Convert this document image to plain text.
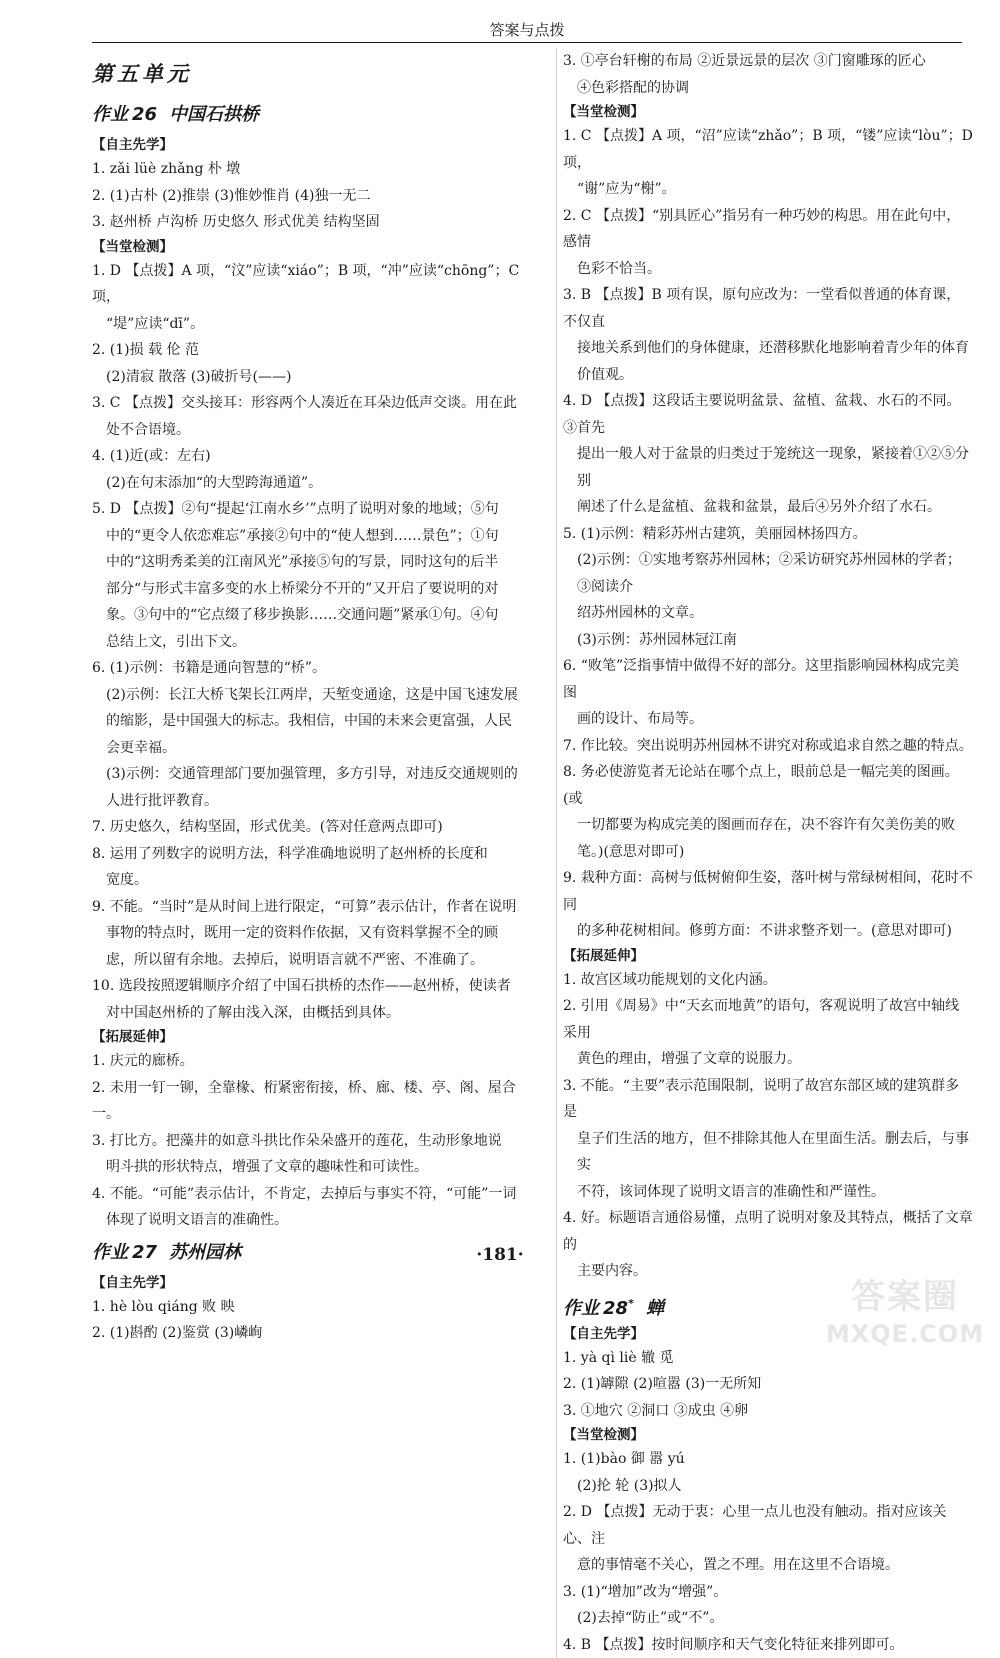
答案与点拨
第五单元
作业 26 中国石拱桥
【自主先学】

1. zǎi lüè zhǎng 朴 墩

2. (1)古朴 (2)推崇 (3)惟妙惟肖 (4)独一无二

3. 赵州桥 卢沟桥 历史悠久 形式优美 结构坚固

【当堂检测】

1. D 【点拨】A 项，“汶”应读“xiáo”；B 项，“冲”应读“chōng”；C 项，

“堤”应读“dī”。

2. (1)损 载 伦 范

(2)清寂 散落 (3)破折号(——)

3. C 【点拨】交头接耳：形容两个人凑近在耳朵边低声交谈。用在此

处不合语境。

4. (1)近(或：左右)

(2)在句末添加“的大型跨海通道”。

5. D 【点拨】②句“提起‘江南水乡’”点明了说明对象的地域；⑤句

中的“更令人依恋难忘”承接②句中的“使人想到……景色”；①句

中的“这明秀柔美的江南风光”承接⑤句的写景，同时这句的后半

部分“与形式丰富多变的水上桥梁分不开的”又开启了要说明的对

象。③句中的“它点缀了移步换影……交通问题”紧承①句。④句

总结上文，引出下文。

6. (1)示例：书籍是通向智慧的“桥”。

(2)示例：长江大桥飞架长江两岸，天堑变通途，这是中国飞速发展

的缩影，是中国强大的标志。我相信，中国的未来会更富强，人民

会更幸福。

(3)示例：交通管理部门要加强管理，多方引导，对违反交通规则的

人进行批评教育。

7. 历史悠久，结构坚固，形式优美。(答对任意两点即可)

8. 运用了列数字的说明方法，科学准确地说明了赵州桥的长度和

宽度。

9. 不能。“当时”是从时间上进行限定，“可算”表示估计，作者在说明

事物的特点时，既用一定的资料作依据，又有资料掌握不全的顾

虑，所以留有余地。去掉后，说明语言就不严密、不准确了。

10. 选段按照逻辑顺序介绍了中国石拱桥的杰作——赵州桥，使读者

对中国赵州桥的了解由浅入深，由概括到具体。

【拓展延伸】

1. 庆元的廊桥。

2. 未用一钉一铆，全靠椽、桁紧密衔接，桥、廊、楼、亭、阁、屋合一。

3. 打比方。把藻井的如意斗拱比作朵朵盛开的莲花，生动形象地说

明斗拱的形状特点，增强了文章的趣味性和可读性。

4. 不能。“可能”表示估计，不肯定，去掉后与事实不符，“可能”一词

体现了说明文语言的准确性。

作业 27 苏州园林
【自主先学】

1. hè lòu qiáng 败 映

2. (1)斟酌 (2)鉴赏 (3)嶙峋

3. ①亭台轩榭的布局 ②近景远景的层次 ③门窗雕琢的匠心

④色彩搭配的协调

【当堂检测】

1. C 【点拨】A 项，“沼”应读“zhǎo”；B 项，“镂”应读“lòu”；D 项，

“谢”应为“榭”。

2. C 【点拨】“别具匠心”指另有一种巧妙的构思。用在此句中，感情

色彩不恰当。

3. B 【点拨】B 项有误，原句应改为：一堂看似普通的体育课，不仅直

接地关系到他们的身体健康，还潜移默化地影响着青少年的体育

价值观。

4. D 【点拨】这段话主要说明盆景、盆植、盆栽、水石的不同。③首先

提出一般人对于盆景的归类过于笼统这一现象，紧接着①②⑤分别

阐述了什么是盆植、盆栽和盆景，最后④另外介绍了水石。

5. (1)示例：精彩苏州古建筑，美丽园林扬四方。

(2)示例：①实地考察苏州园林；②采访研究苏州园林的学者；③阅读介

绍苏州园林的文章。

(3)示例：苏州园林冠江南

6. “败笔”泛指事情中做得不好的部分。这里指影响园林构成完美图

画的设计、布局等。

7. 作比较。突出说明苏州园林不讲究对称或追求自然之趣的特点。

8. 务必使游览者无论站在哪个点上，眼前总是一幅完美的图画。(或

一切都要为构成完美的图画而存在，决不容许有欠美伤美的败

笔。)(意思对即可)

9. 栽种方面：高树与低树俯仰生姿，落叶树与常绿树相间，花时不同

的多种花树相间。修剪方面：不讲求整齐划一。(意思对即可)

【拓展延伸】

1. 故宫区域功能规划的文化内涵。

2. 引用《周易》中“天玄而地黄”的语句，客观说明了故宫中轴线采用

黄色的理由，增强了文章的说服力。

3. 不能。“主要”表示范围限制，说明了故宫东部区域的建筑群多是

皇子们生活的地方，但不排除其他人在里面生活。删去后，与事实

不符，该词体现了说明文语言的准确性和严谨性。

4. 好。标题语言通俗易懂，点明了说明对象及其特点，概括了文章的

主要内容。

作业 28* 蝉
【自主先学】

1. yà qì liè 辙 觅

2. (1)罅隙 (2)喧嚣 (3)一无所知

3. ①地穴 ②洞口 ③成虫 ④卵

【当堂检测】

1. (1)bào 御 嚣 yú

(2)抡 轮 (3)拟人

2. D 【点拨】无动于衷：心里一点儿也没有触动。指对应该关心、注

意的事情毫不关心，置之不理。用在这里不合语境。

3. (1)“增加”改为“增强”。

(2)去掉“防止”或“不”。

4. B 【点拨】按时间顺序和天气变化特征来排列即可。

·181·
答案圈
MXQE.COM
